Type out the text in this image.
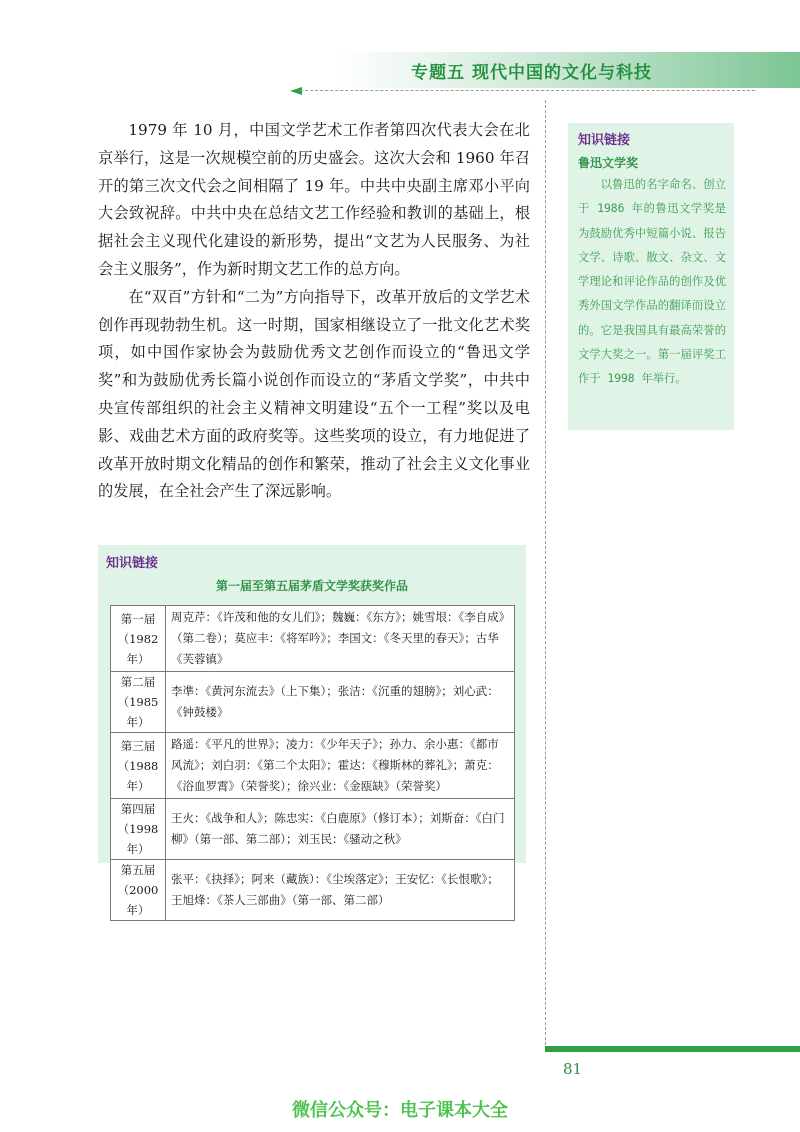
专题五 现代中国的文化与科技

1979 年 10 月，中国文学艺术工作者第四次代表大会在北京举行，这是一次规模空前的历史盛会。这次大会和 1960 年召开的第三次文代会之间相隔了 19 年。中共中央副主席邓小平向大会致祝辞。中共中央在总结文艺工作经验和教训的基础上，根据社会主义现代化建设的新形势，提出“文艺为人民服务、为社会主义服务”，作为新时期文艺工作的总方向。

在“双百”方针和“二为”方向指导下，改革开放后的文学艺术创作再现勃勃生机。这一时期，国家相继设立了一批文化艺术奖项，如中国作家协会为鼓励优秀文艺创作而设立的“鲁迅文学奖”和为鼓励优秀长篇小说创作而设立的“茅盾文学奖”，中共中央宣传部组织的社会主义精神文明建设“五个一工程”奖以及电影、戏曲艺术方面的政府奖等。这些奖项的设立，有力地促进了改革开放时期文化精品的创作和繁荣，推动了社会主义文化事业的发展，在全社会产生了深远影响。

知识链接
鲁迅文学奖
以鲁迅的名字命名、创立于 1986 年的鲁迅文学奖是为鼓励优秀中短篇小说、报告文学、诗歌、散文、杂文、文学理论和评论作品的创作及优秀外国文学作品的翻译而设立的。它是我国具有最高荣誉的文学大奖之一。第一届评奖工作于 1998 年举行。
知识链接
第一届至第五届茅盾文学奖获奖作品
第一届
（1982 年）	周克芹：《许茂和他的女儿们》；魏巍：《东方》；姚雪垠：《李自成》（第二卷）；莫应丰：《将军吟》；李国文：《冬天里的春天》；古华《芙蓉镇》

第二届
（1985 年）	李凖：《黄河东流去》（上下集）；张洁：《沉重的翅膀》；刘心武：《钟鼓楼》

第三届
（1988 年）	路遥：《平凡的世界》；凌力：《少年天子》；孙力、余小惠：《都市风流》；刘白羽：《第二个太阳》；霍达：《穆斯林的葬礼》；萧克：《浴血罗霄》（荣誉奖）；徐兴业：《金瓯缺》（荣誉奖）

第四届
（1998 年）	王火：《战争和人》；陈忠实：《白鹿原》（修订本）；刘斯奋：《白门柳》（第一部、第二部）；刘玉民：《骚动之秋》

第五届
（2000 年）	张平：《抉择》；阿来（藏族）：《尘埃落定》；王安忆：《长恨歌》；王旭烽：《茶人三部曲》（第一部、第二部）
81
微信公众号：电子课本大全
